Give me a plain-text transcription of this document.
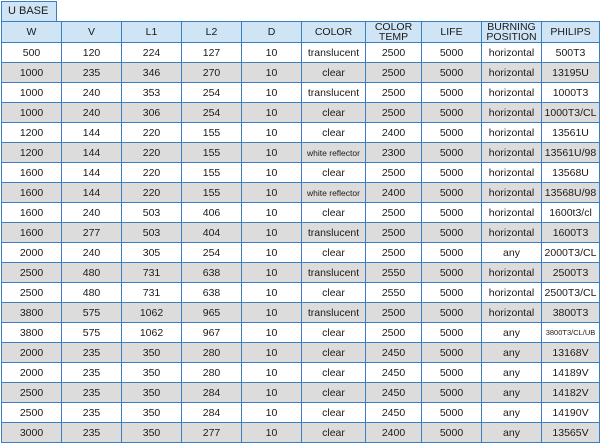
U BASE
W	V	L1	L2	D	COLOR	COLOR TEMP	LIFE	BURNING POSITION	PHILIPS
500	120	224	127	10	translucent	2500	5000	horizontal	500T3
1000	235	346	270	10	clear	2500	5000	horizontal	13195U
1000	240	353	254	10	translucent	2500	5000	horizontal	1000T3
1000	240	306	254	10	clear	2500	5000	horizontal	1000T3/CL
1200	144	220	155	10	clear	2400	5000	horizontal	13561U
1200	144	220	155	10	white reflector	2300	5000	horizontal	13561U/98
1600	144	220	155	10	clear	2500	5000	horizontal	13568U
1600	144	220	155	10	white reflector	2400	5000	horizontal	13568U/98
1600	240	503	406	10	clear	2500	5000	horizontal	1600t3/cl
1600	277	503	404	10	translucent	2500	5000	horizontal	1600T3
2000	240	305	254	10	clear	2500	5000	any	2000T3/CL
2500	480	731	638	10	translucent	2550	5000	horizontal	2500T3
2500	480	731	638	10	clear	2550	5000	horizontal	2500T3/CL
3800	575	1062	965	10	translucent	2500	5000	horizontal	3800T3
3800	575	1062	967	10	clear	2500	5000	any	3800T3/CL/UB
2000	235	350	280	10	clear	2450	5000	any	13168V
2000	235	350	280	10	clear	2450	5000	any	14189V
2500	235	350	284	10	clear	2450	5000	any	14182V
2500	235	350	284	10	clear	2450	5000	any	14190V
3000	235	350	277	10	clear	2400	5000	any	13565V
